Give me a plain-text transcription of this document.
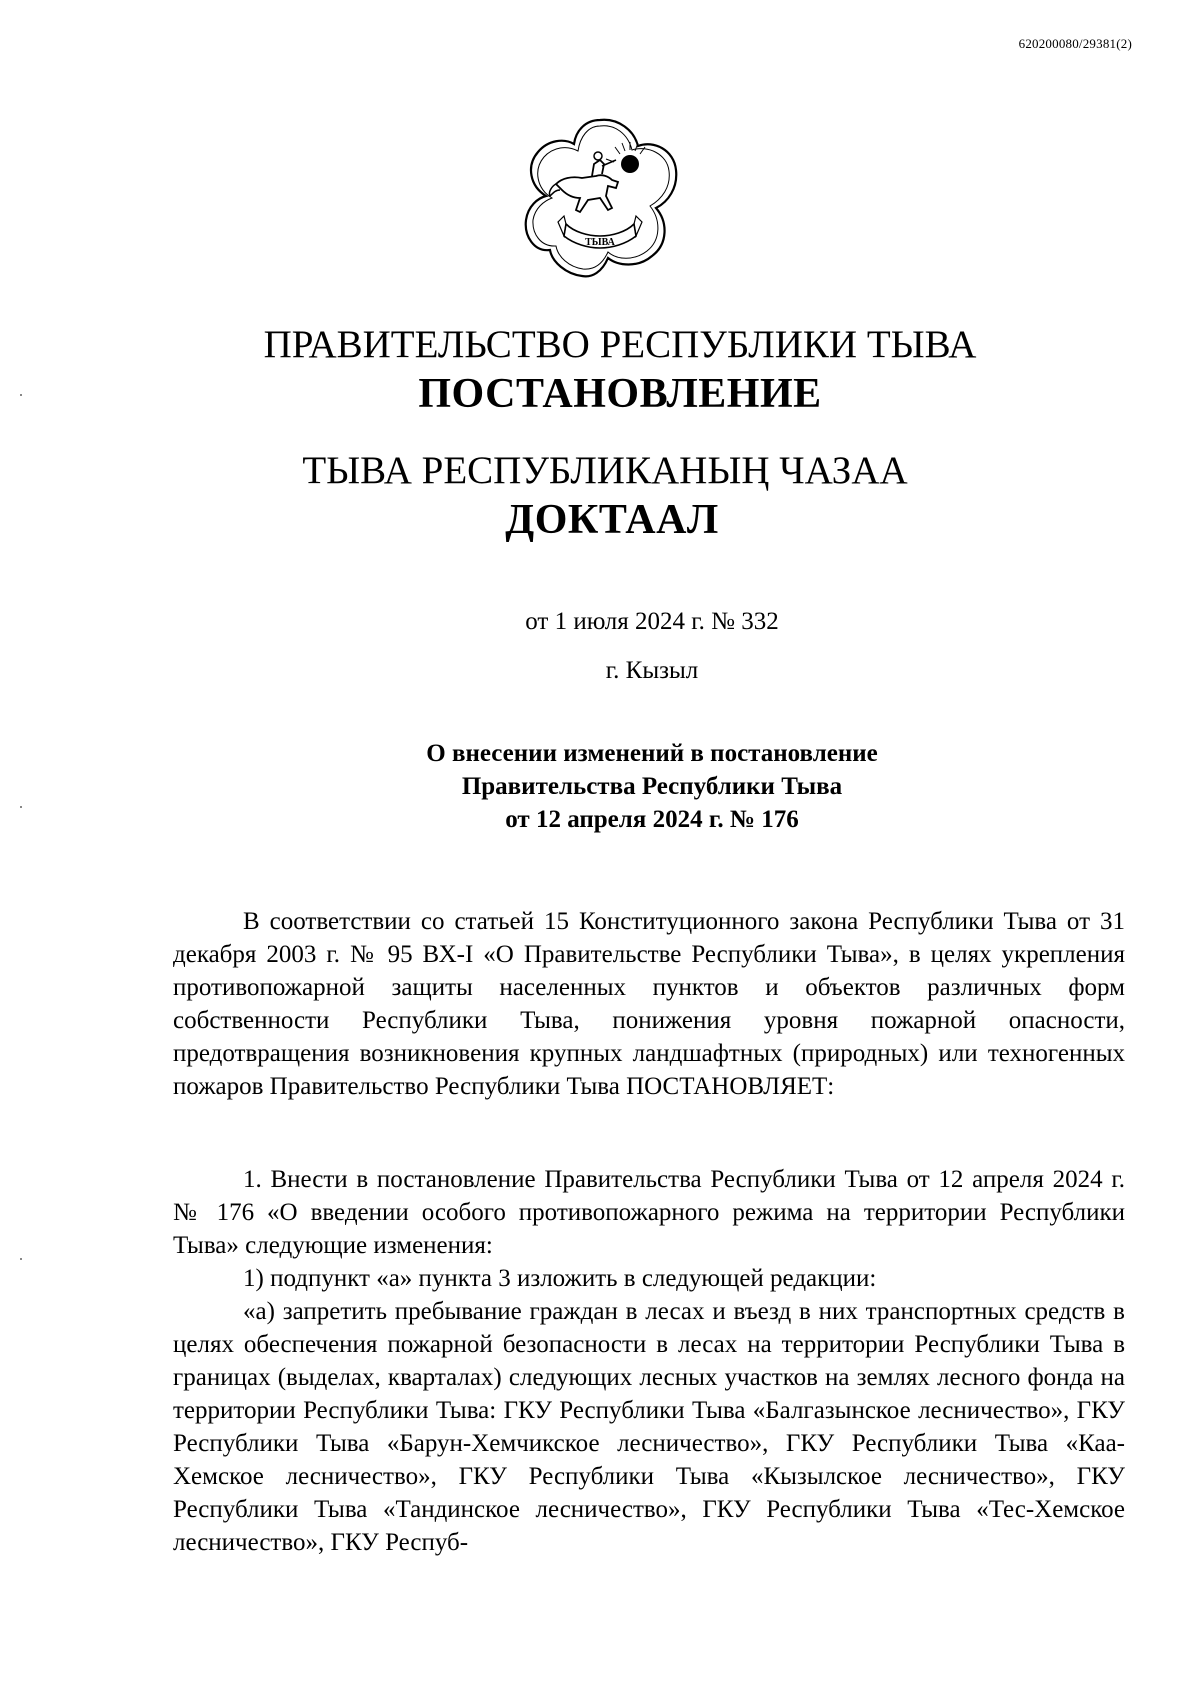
620200080/29381(2)
ТЫВА
ПРАВИТЕЛЬСТВО РЕСПУБЛИКИ ТЫВА
ПОСТАНОВЛЕНИЕ
ТЫВА РЕСПУБЛИКАНЫҢ ЧАЗАА
ДОКТААЛ
от 1 июля 2024 г. № 332
г. Кызыл
О внесении изменений в постановление
Правительства Республики Тыва
от 12 апреля 2024 г. № 176

В соответствии со статьей 15 Конституционного закона Республики Тыва от 31 декабря 2003 г. № 95 ВХ-I «О Правительстве Республики Тыва», в целях укрепления противопожарной защиты населенных пунктов и объектов различных форм собственности Республики Тыва, понижения уровня пожарной опасности, предотвращения возникновения крупных ландшафтных (природных) или техногенных пожаров Правительство Республики Тыва ПОСТАНОВЛЯЕТ:

1. Внести в постановление Правительства Республики Тыва от 12 апреля 2024 г. № 176 «О введении особого противопожарного режима на территории Республики Тыва» следующие изменения:

1) подпункт «а» пункта 3 изложить в следующей редакции:

«а) запретить пребывание граждан в лесах и въезд в них транспортных средств в целях обеспечения пожарной безопасности в лесах на территории Республики Тыва в границах (выделах, кварталах) следующих лесных участков на землях лесного фонда на территории Республики Тыва: ГКУ Республики Тыва «Балгазынское лесничество», ГКУ Республики Тыва «Барун-Хемчикское лесничество», ГКУ Республики Тыва «Каа-Хемское лесничество», ГКУ Республики Тыва «Кызылское лесничество», ГКУ Республики Тыва «Тандинское лесничество», ГКУ Республики Тыва «Тес-Хемское лесничество», ГКУ Респуб-
